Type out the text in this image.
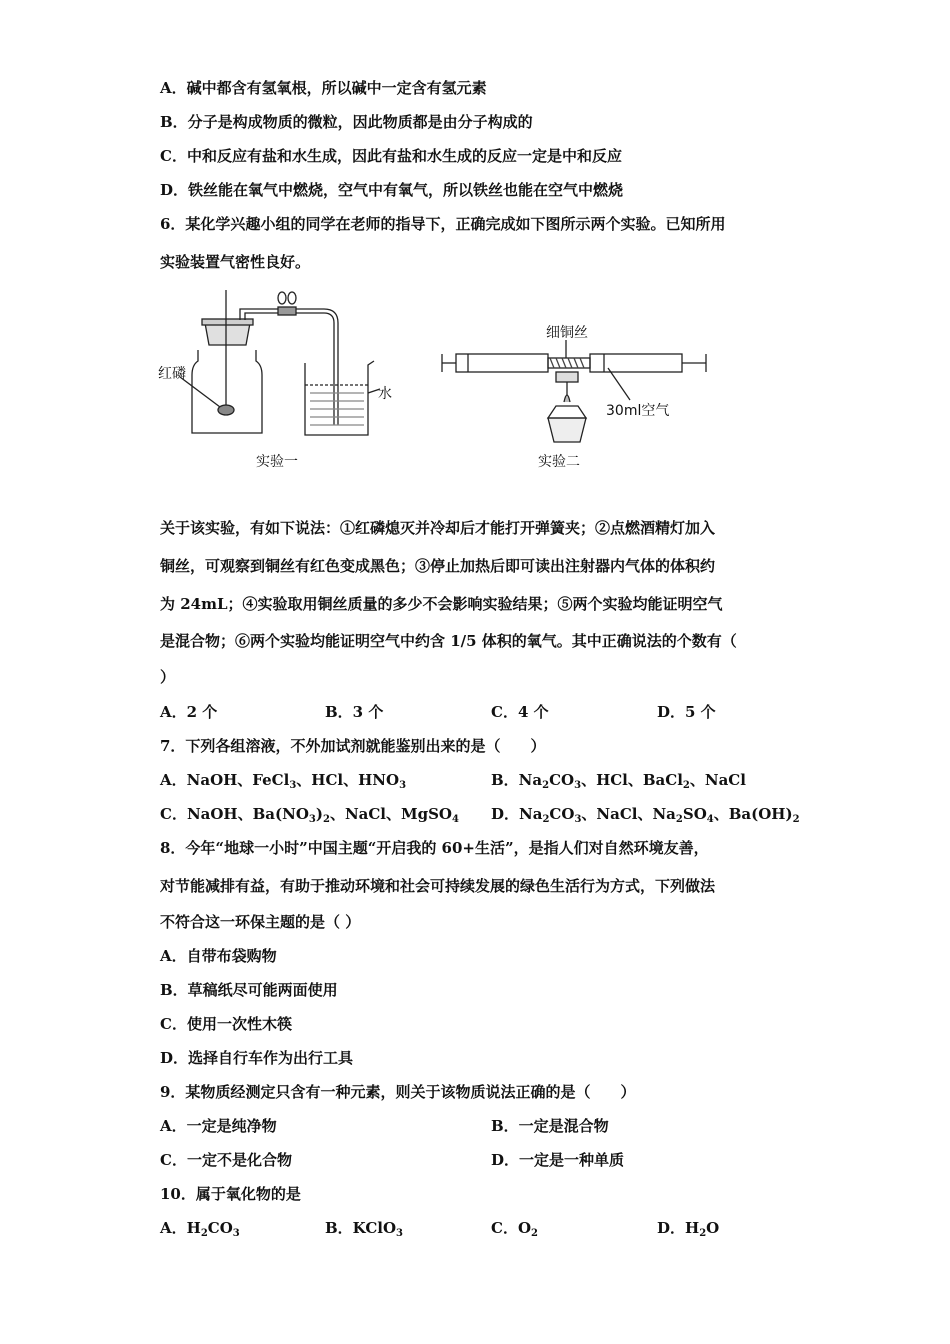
A．碱中都含有氢氧根，所以碱中一定含有氢元素
B．分子是构成物质的微粒，因此物质都是由分子构成的
C．中和反应有盐和水生成，因此有盐和水生成的反应一定是中和反应
D．铁丝能在氧气中燃烧，空气中有氧气，所以铁丝也能在空气中燃烧
6．某化学兴趣小组的同学在老师的指导下，正确完成如下图所示两个实验。已知所用
实验装置气密性良好。
红磷
水
实验一
细铜丝
30ml空气
实验二
关于该实验，有如下说法：①红磷熄灭并冷却后才能打开弹簧夹；②点燃酒精灯加入
铜丝，可观察到铜丝有红色变成黑色；③停止加热后即可读出注射器内气体的体积约
为 24mL；④实验取用铜丝质量的多少不会影响实验结果；⑤两个实验均能证明空气
是混合物；⑥两个实验均能证明空气中约含 1/5 体积的氧气。其中正确说法的个数有（
）
A．2 个	B．3 个	C．4 个	D．5 个
7．下列各组溶液，不外加试剂就能鉴别出来的是（　　）
A．NaOH、FeCl$_3$、HCl、$HNO_3$	B．$Na_2CO_3$、HCl、BaCl$_2$、NaCl
C．NaOH、$Ba(NO_3)_2$、NaCl、MgSO$_4$ D．$Na_2CO_3$、NaCl、$Na_2SO_4$、$Ba(OH)_2$
8．今年“地球一小时”中国主题“开启我的 60+生活”，是指人们对自然环境友善，
对节能减排有益，有助于推动环境和社会可持续发展的绿色生活行为方式，下列做法
不符合这一环保主题的是（ ）
A．自带布袋购物
B．草稿纸尽可能两面使用
C．使用一次性木筷
D．选择自行车作为出行工具
9．某物质经测定只含有一种元素，则关于该物质说法正确的是（　　）
A．一定是纯净物	B．一定是混合物
C．一定不是化合物	D．一定是一种单质
10．属于氧化物的是
A．$H_2CO_3$	B．KClO$_3$	C．$O_2$	D．$H_2O$
